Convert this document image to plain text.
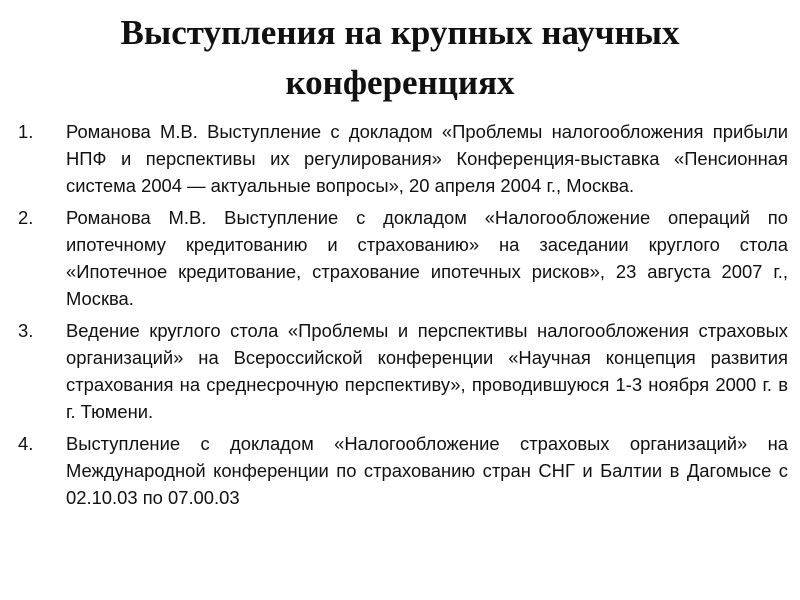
Выступления на крупных научных конференциях
1.	Романова М.В. Выступление с докладом «Проблемы налогообложения прибыли НПФ и перспективы их регулирования» Конференция-выставка «Пенсионная система 2004 — актуальные вопросы», 20 апреля 2004 г., Москва.
2.	Романова М.В. Выступление с докладом «Налогообложение операций по ипотечному кредитованию и страхованию» на заседании круглого стола «Ипотечное кредитование, страхование ипотечных рисков», 23 августа 2007 г., Москва.
3.	Ведение круглого стола «Проблемы и перспективы налогообложения страховых организаций» на Всероссийской конференции «Научная концепция развития страхования на среднесрочную перспективу», проводившуюся 1-3 ноября 2000 г. в г. Тюмени.
4.	Выступление с докладом «Налогообложение страховых организаций» на Международной конференции по страхованию стран СНГ и Балтии в Дагомысе с 02.10.03 по 07.00.03
